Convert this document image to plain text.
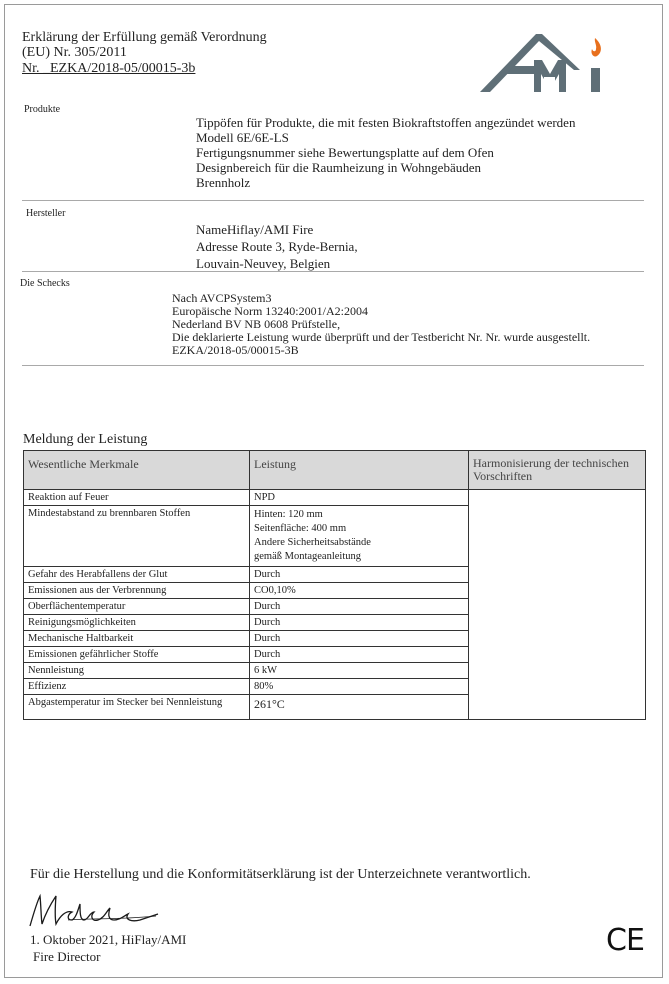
Erklärung der Erfüllung gemäß Verordnung
(EU) Nr. 305/2011
Nr. _EZKA/2018-05/00015-3b
Produkte
Tippöfen für Produkte, die mit festen Biokraftstoffen angezündet werden
Modell 6E/6E-LS
Fertigungsnummer siehe Bewertungsplatte auf dem Ofen
Designbereich für die Raumheizung in Wohngebäuden
Brennholz
Hersteller
NameHiflay/AMI Fire
Adresse Route 3, Ryde-Bernia,
Louvain-Neuvey, Belgien
Die Schecks
Nach AVCPSystem3
Europäische Norm 13240:2001/A2:2004
Nederland BV NB 0608 Prüfstelle,
Die deklarierte Leistung wurde überprüft und der Testbericht Nr. Nr. wurde ausgestellt.
EZKA/2018-05/00015-3B
Meldung der Leistung
Wesentliche Merkmale	Leistung	Harmonisierung der technischen Vorschriften
Reaktion auf Feuer	NPD	
Mindestabstand zu brennbaren Stoffen	Hinten: 120 mm
Seitenfläche: 400 mm
Andere Sicherheitsabstände
gemäß Montageanleitung	

Gefahr des Herabfallens der Glut	Durch	
Emissionen aus der Verbrennung	CO0,10%	
Oberflächentemperatur	Durch	
Reinigungsmöglichkeiten	Durch	
Mechanische Haltbarkeit	Durch	
Emissionen gefährlicher Stoffe	Durch	
Nennleistung	6 kW	
Effizienz	80%	
Abgastemperatur im Stecker bei Nennleistung	261°C	
Für die Herstellung und die Konformitätserklärung ist der Unterzeichnete verantwortlich.
1. Oktober 2021, HiFlay/AMI
Fire Director	CE
